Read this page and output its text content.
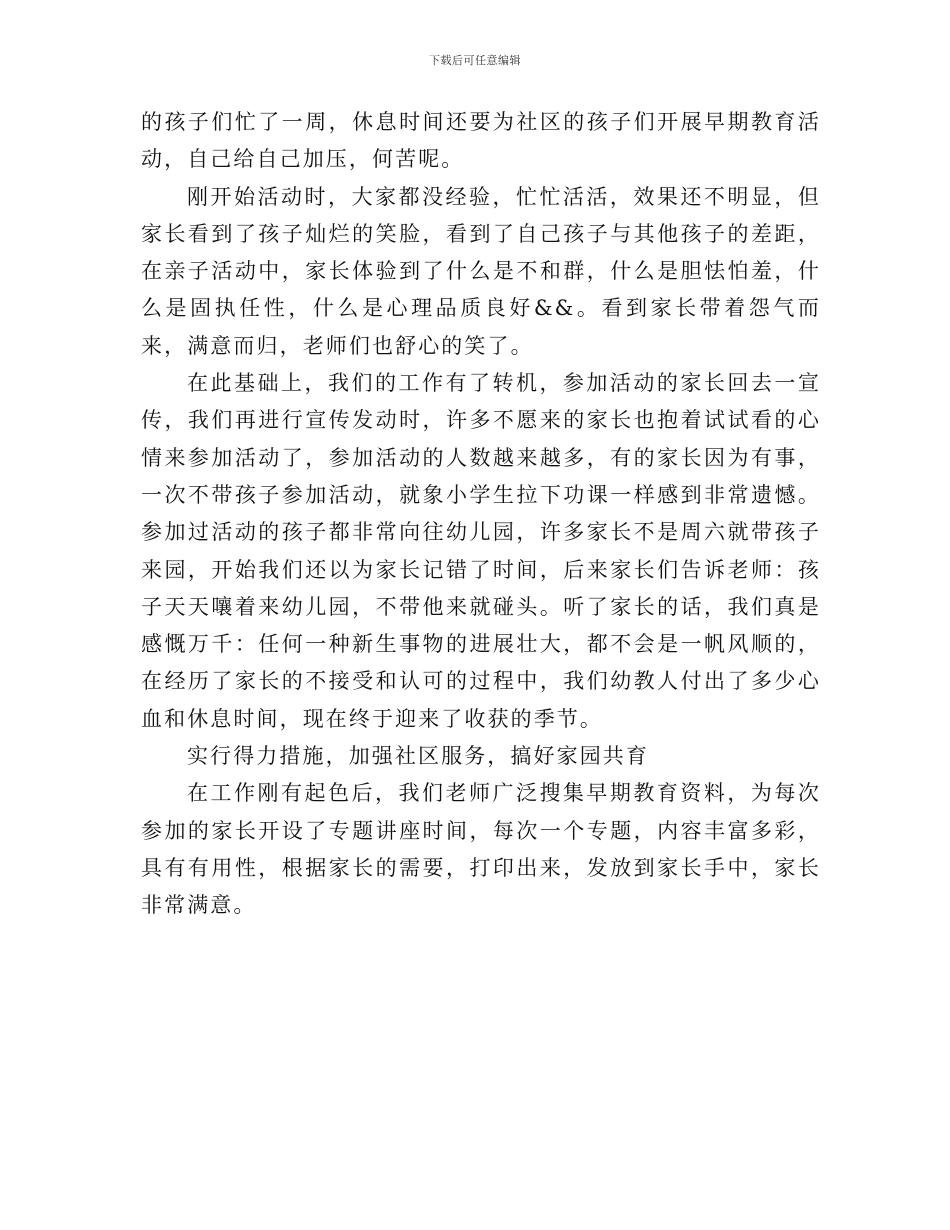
下载后可任意编辑

的孩子们忙了一周，休息时间还要为社区的孩子们开展早期教育活动，自己给自己加压，何苦呢。

刚开始活动时，大家都没经验，忙忙活活，效果还不明显，但家长看到了孩子灿烂的笑脸，看到了自己孩子与其他孩子的差距，在亲子活动中，家长体验到了什么是不和群，什么是胆怯怕羞，什么是固执任性，什么是心理品质良好&&。看到家长带着怨气而来，满意而归，老师们也舒心的笑了。

在此基础上，我们的工作有了转机，参加活动的家长回去一宣传，我们再进行宣传发动时，许多不愿来的家长也抱着试试看的心情来参加活动了，参加活动的人数越来越多，有的家长因为有事，一次不带孩子参加活动，就象小学生拉下功课一样感到非常遗憾。参加过活动的孩子都非常向往幼儿园，许多家长不是周六就带孩子来园，开始我们还以为家长记错了时间，后来家长们告诉老师：孩子天天嚷着来幼儿园，不带他来就碰头。听了家长的话，我们真是感慨万千：任何一种新生事物的进展壮大，都不会是一帆风顺的，在经历了家长的不接受和认可的过程中，我们幼教人付出了多少心血和休息时间，现在终于迎来了收获的季节。

实行得力措施，加强社区服务，搞好家园共育

在工作刚有起色后，我们老师广泛搜集早期教育资料，为每次参加的家长开设了专题讲座时间，每次一个专题，内容丰富多彩，具有有用性，根据家长的需要，打印出来，发放到家长手中，家长非常满意。
